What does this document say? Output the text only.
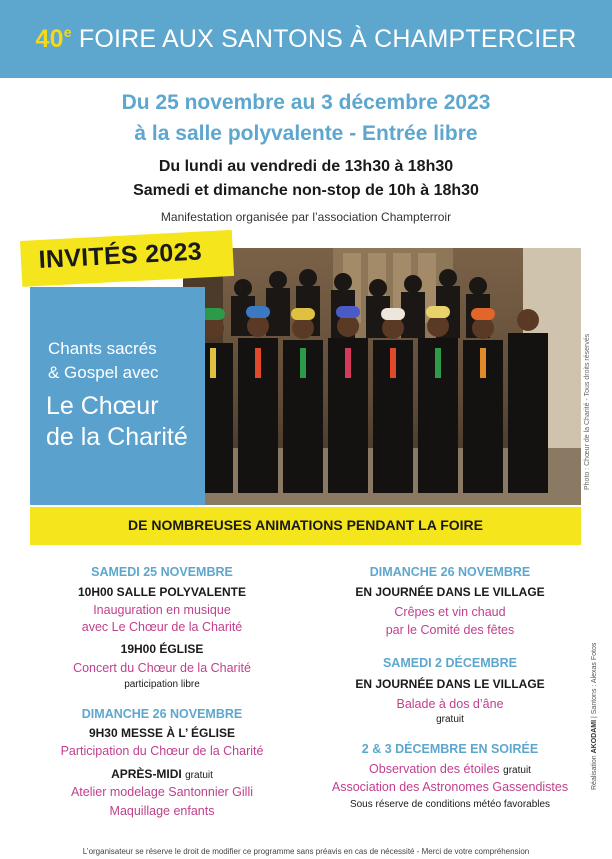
40e FOIRE AUX SANTONS À CHAMPTERCIER
Du 25 novembre au 3 décembre 2023
à la salle polyvalente - Entrée libre
Du lundi au vendredi de 13h30 à 18h30
Samedi et dimanche non-stop de 10h à 18h30
Manifestation organisée par l’association Champterroir
INVITÉS 2023
Chants sacrés
& Gospel avec
Le Chœur
de la Charité	Photo : Chœur de la Charité - Tous droits réservés
DE NOMBREUSES ANIMATIONS PENDANT LA FOIRE
SAMEDI 25 NOVEMBRE
10H00 SALLE POLYVALENTE
Inauguration en musique
avec Le Chœur de la Charité
19H00 ÉGLISE
Concert du Chœur de la Charité
participation libre
DIMANCHE 26 NOVEMBRE
9H30 MESSE À L’ ÉGLISE
Participation du Chœur de la Charité
APRÈS-MIDI gratuit
Atelier modelage Santonnier Gilli
Maquillage enfants
DIMANCHE 26 NOVEMBRE
EN JOURNÉE DANS LE VILLAGE
Crêpes et vin chaud
par le Comité des fêtes
SAMEDI 2 DÉCEMBRE
EN JOURNÉE DANS LE VILLAGE
Balade à dos d’âne
gratuit
2 & 3 DÉCEMBRE EN SOIRÉE
Observation des étoiles gratuit
Association des Astronomes Gassendistes
Sous réserve de conditions météo favorables
Réalisation AKODAMI | Santons : Alexas Fotos
L’organisateur se réserve le droit de modifier ce programme sans préavis en cas de nécessité - Merci de votre compréhension
